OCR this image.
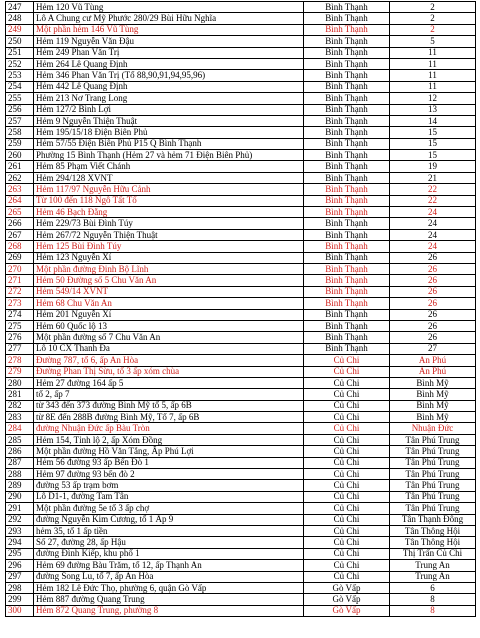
247	Hẻm 120 Vũ Tùng	Bình Thạnh	2
248	Lô A Chung cư Mỹ Phước 280/29 Bùi Hữu Nghĩa	Bình Thạnh	2
249	Một phần hẻm 146 Vũ Tùng	Bình Thạnh	2
250	Hẻm 119 Nguyễn Văn Đậu	Bình Thạnh	5
251	Hẻm 249 Phan Văn Trị	Bình Thạnh	11
252	Hẻm 264 Lê Quang Định	Bình Thạnh	11
253	Hẻm 346 Phan Văn Trị (Tổ 88,90,91,94,95,96)	Bình Thạnh	11
254	Hẻm 442 Lê Quang Định	Bình Thạnh	11
255	Hẻm 213 Nơ Trang Long	Bình Thạnh	12
256	Hẻm 127/2 Bình Lợi	Bình Thạnh	13
257	Hẻm 9 Nguyễn Thiện Thuật	Bình Thạnh	14
258	Hẻm 195/15/18 Điện Biên Phủ	Bình Thạnh	15
259	Hẻm 57/55 Điện Biên Phủ P15 Q Bình Thạnh	Bình Thạnh	15
260	Phường 15 Bình Thạnh (Hẻm 27 và hẻm 71 Điện Biên Phủ)	Bình Thạnh	15
261	Hẻm 85 Phạm Viết Chánh	Bình Thạnh	19
262	Hẻm 294/128 XVNT	Bình Thạnh	21
263	Hẻm 117/97 Nguyễn Hữu Cảnh	Bình Thạnh	22
264	Từ 100 đến 118 Ngô Tất Tố	Bình Thạnh	22
265	Hẻm 46 Bạch Đằng	Bình Thạnh	24
266	Hẻm 229/73 Bùi Đình Túy	Bình Thạnh	24
267	Hẻm 267/72 Nguyễn Thiện Thuật	Bình Thạnh	24
268	Hẻm 125 Bùi Đình Túy	Bình Thạnh	24
269	Hẻm 123 Nguyễn Xí	Bình Thạnh	26
270	Một phần đường Đinh Bộ Lĩnh	Bình Thạnh	26
271	Hẻm 50 Đường số 5 Chu Văn An	Bình Thạnh	26
272	Hẻm 549/14 XVNT	Bình Thạnh	26
273	Hẻm 68 Chu Văn An	Bình Thạnh	26
274	Hẻm 201 Nguyễn Xí	Bình Thạnh	26
275	Hẻm 60 Quốc lộ 13	Bình Thạnh	26
276	Một phần đường số 7 Chu Văn An	Bình Thạnh	26
277	Lô 10 CX Thanh Đa	Bình Thạnh	27
278	Đường 787, tổ 6, ấp An Hòa	Củ Chi	An Phú
279	Đường Phan Thị Sừu, tổ 3 ấp xóm chùa	Củ Chi	An Phú
280	Hẻm 27 đường 164 ấp 5	Củ Chi	Bình Mỹ
281	tổ 2, ấp 7	Củ Chi	Bình Mỹ
282	từ 343 đến 373 đường Bình Mỹ tổ 5, ấp 6B	Củ Chi	Bình Mỹ
283	từ 8E đến 288B đường Bình Mỹ, Tổ 7, ấp 6B	Củ Chi	Bình Mỹ
284	đường Nhuận Đức ấp Bàu Tròn	Củ Chi	Nhuận Đức
285	Hẻm 154, Tỉnh lộ 2, ấp Xóm Đồng	Củ Chi	Tân Phú Trung
286	Một phần đường Hồ Văn Tắng, Ấp Phú Lợi	Củ Chi	Tân Phú Trung
287	Hẻm 56 đường 93 ấp Bến Đò 1	Củ Chi	Tân Phú Trung
288	Hẻm 97 đường 93 bến đò 2	Củ Chi	Tân Phú Trung
289	đường 53 ấp trạm bơm	Củ Chi	Tân Phú Trung
290	Lô D1-1, đường Tam Tân	Củ Chi	Tân Phú Trung
291	Một phần đường 5e tổ 3 ấp chợ	Củ Chi	Tân Phú Trung
292	đường Nguyễn Kim Cương, tổ 1 Ấp 9	Củ Chi	Tân Thạnh Đông
293	hẻm 35, tổ 1 ấp tiền	Củ Chi	Tân Thông Hội
294	Số 27, đường 28, ấp Hậu	Củ Chi	Tân Thông Hội
295	đường Đình Kiếp, khu phố 1	Củ Chi	Thị Trấn Củ Chi
296	Hẻm 69 đường Bàu Trăm, tổ 12, ấp Thạnh An	Củ Chi	Trung An
297	đường Song Lu, tổ 7, ấp An Hòa	Củ Chi	Trung An
298	Hẻm 182 Lê Đức Thọ, phường 6, quận Gò Vấp	Gò Vấp	6
299	Hẻm 887 đường Quang Trung	Gò Vấp	8
300	Hẻm 872 Quang Trung, phường 8	Gò Vấp	8
